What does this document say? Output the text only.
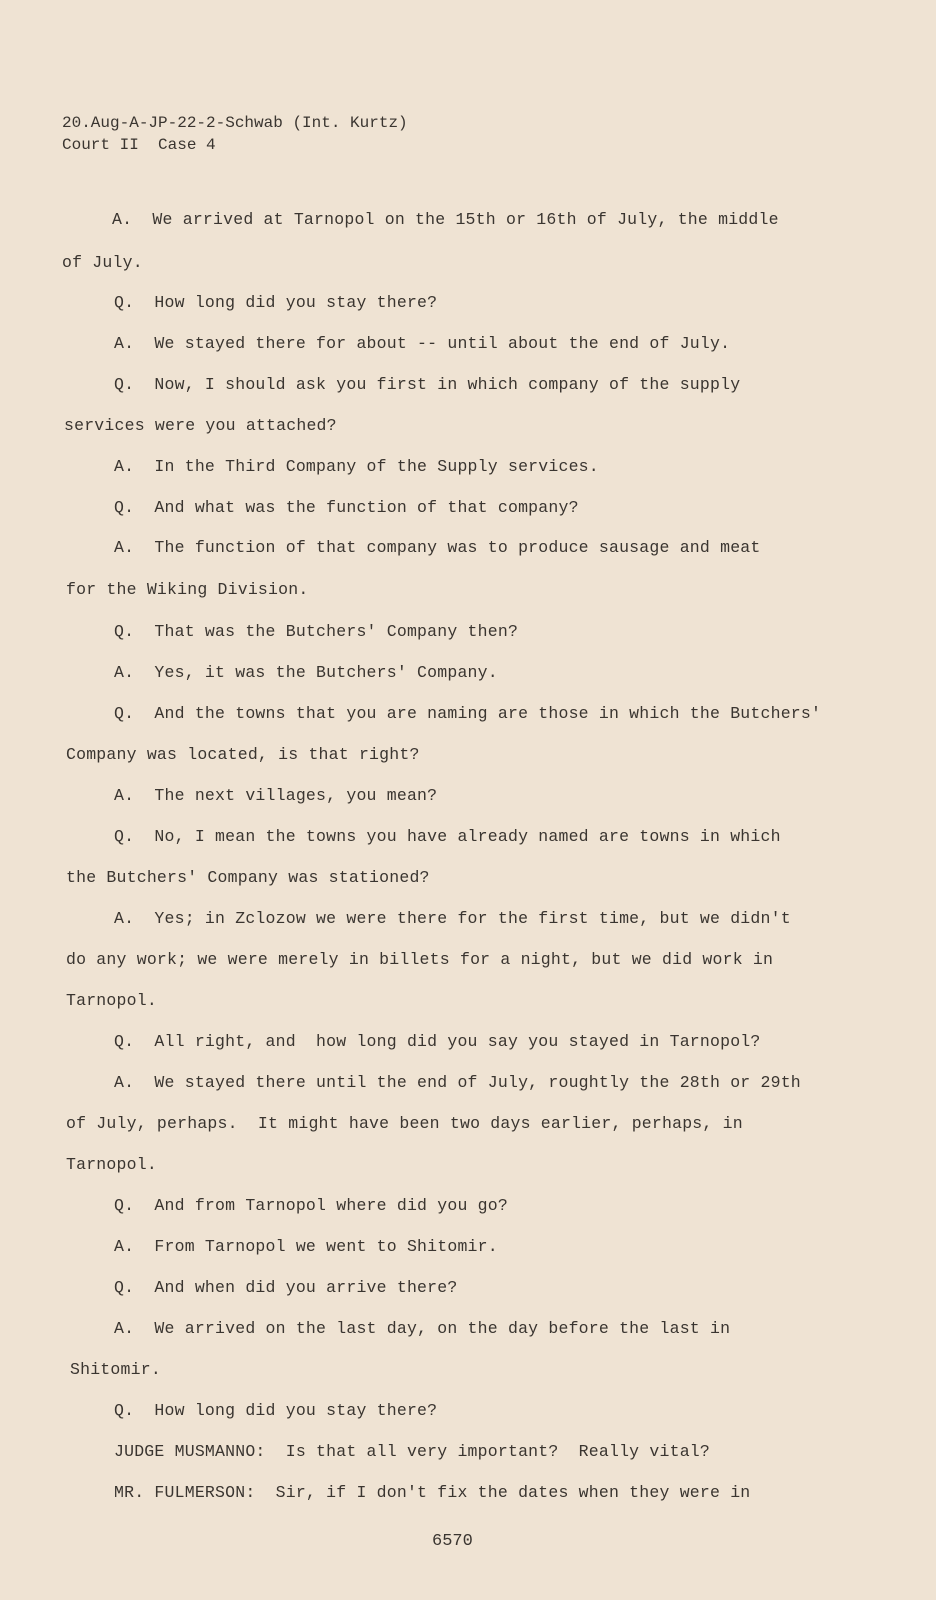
20.Aug-A-JP-22-2-Schwab (Int. Kurtz)
Court II  Case 4
A.  We arrived at Tarnopol on the 15th or 16th of July, the middle
of July.
Q.  How long did you stay there?
A.  We stayed there for about -- until about the end of July.
Q.  Now, I should ask you first in which company of the supply
services were you attached?
A.  In the Third Company of the Supply services.
Q.  And what was the function of that company?
A.  The function of that company was to produce sausage and meat
for the Wiking Division.
Q.  That was the Butchers' Company then?
A.  Yes, it was the Butchers' Company.
Q.  And the towns that you are naming are those in which the Butchers'
Company was located, is that right?
A.  The next villages, you mean?
Q.  No, I mean the towns you have already named are towns in which
the Butchers' Company was stationed?
A.  Yes; in Zclozow we were there for the first time, but we didn't
do any work; we were merely in billets for a night, but we did work in
Tarnopol.
Q.  All right, and  how long did you say you stayed in Tarnopol?
A.  We stayed there until the end of July, roughtly the 28th or 29th
of July, perhaps.  It might have been two days earlier, perhaps, in
Tarnopol.
Q.  And from Tarnopol where did you go?
A.  From Tarnopol we went to Shitomir.
Q.  And when did you arrive there?
A.  We arrived on the last day, on the day before the last in
Shitomir.
Q.  How long did you stay there?
JUDGE MUSMANNO:  Is that all very important?  Really vital?
MR. FULMERSON:  Sir, if I don't fix the dates when they were in
6570
